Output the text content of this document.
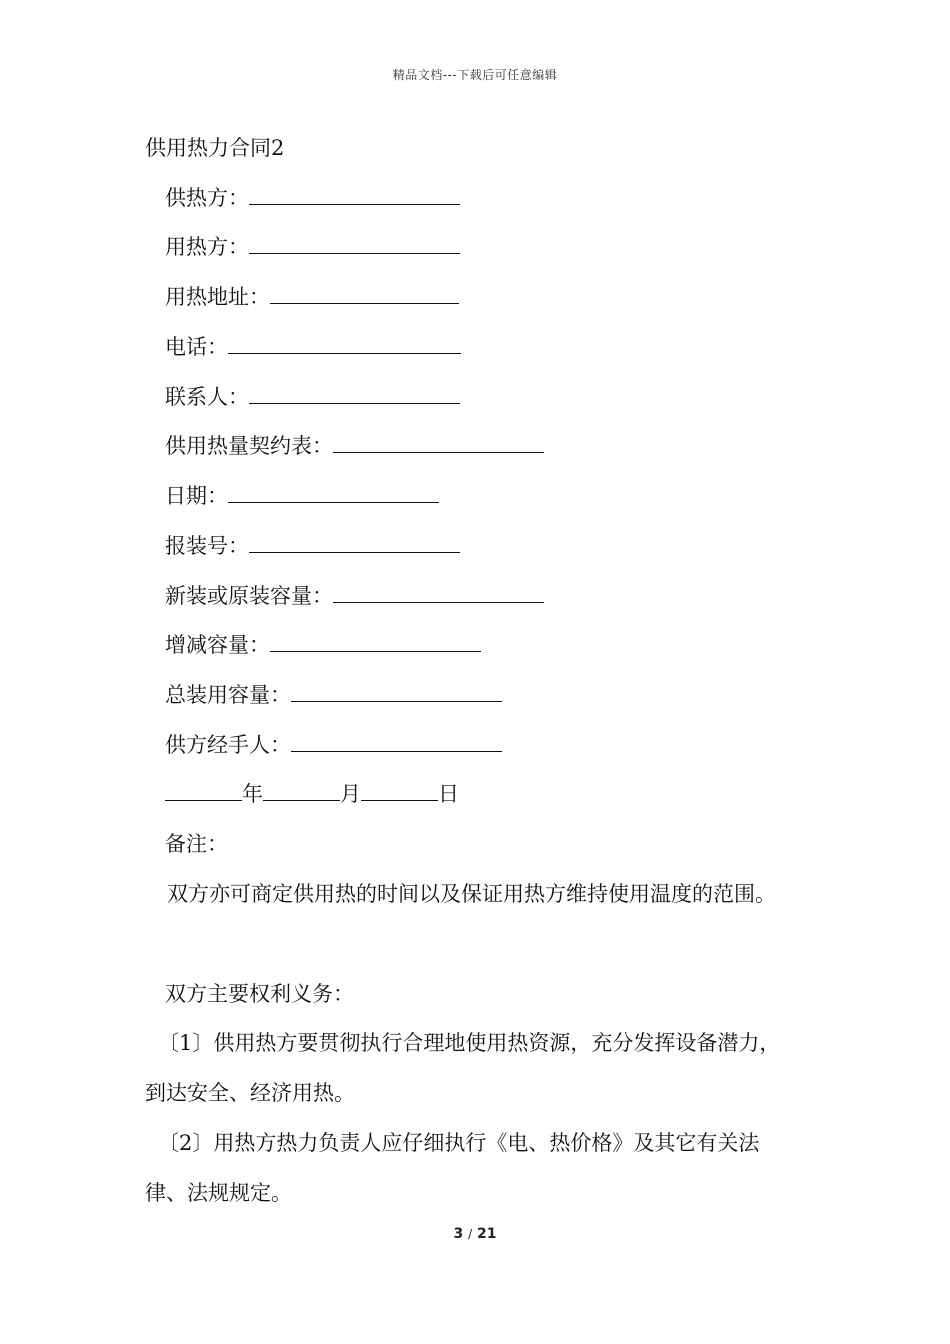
精品文档---下载后可任意编辑
供用热力合同2
供热方：
用热方：
用热地址：
电话：
联系人：
供用热量契约表：
日期：
报装号：
新装或原装容量：
增减容量：
总装用容量：
供方经手人：
年	月	日
备注：
双方亦可商定供用热的时间以及保证用热方维持使用温度的范围。
双方主要权利义务：
〔1〕供用热方要贯彻执行合理地使用热资源，充分发挥设备潜力，
到达安全、经济用热。
〔2〕用热方热力负责人应仔细执行《电、热价格》及其它有关法
律、法规规定。
3 / 21
